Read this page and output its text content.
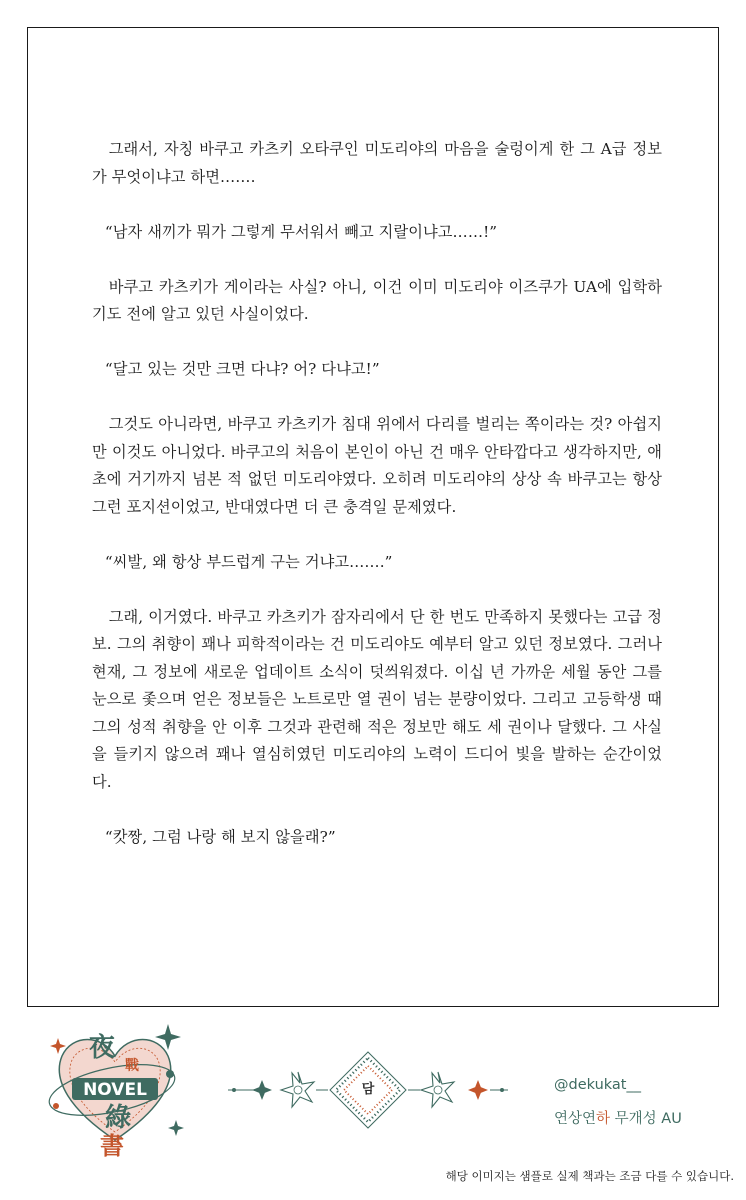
그래서, 자칭 바쿠고 카츠키 오타쿠인 미도리야의 마음을 술렁이게 한 그 A급 정보가 무엇이냐고 하면…….

“남자 새끼가 뭐가 그렇게 무서워서 빼고 지랄이냐고……!”

바쿠고 카츠키가 게이라는 사실? 아니, 이건 이미 미도리야 이즈쿠가 UA에 입학하기도 전에 알고 있던 사실이었다.

“달고 있는 것만 크면 다냐? 어? 다냐고!”

그것도 아니라면, 바쿠고 카츠키가 침대 위에서 다리를 벌리는 쪽이라는 것? 아쉽지만 이것도 아니었다. 바쿠고의 처음이 본인이 아닌 건 매우 안타깝다고 생각하지만, 애초에 거기까지 넘본 적 없던 미도리야였다. 오히려 미도리야의 상상 속 바쿠고는 항상 그런 포지션이었고, 반대였다면 더 큰 충격일 문제였다.

“씨발, 왜 항상 부드럽게 구는 거냐고…….”

그래, 이거였다. 바쿠고 카츠키가 잠자리에서 단 한 번도 만족하지 못했다는 고급 정보. 그의 취향이 꽤나 피학적이라는 건 미도리야도 예부터 알고 있던 정보였다. 그러나 현재, 그 정보에 새로운 업데이트 소식이 덧씌워졌다. 이십 년 가까운 세월 동안 그를 눈으로 좇으며 얻은 정보들은 노트로만 열 권이 넘는 분량이었다. 그리고 고등학생 때 그의 성적 취향을 안 이후 그것과 관련해 적은 정보만 해도 세 권이나 달했다. 그 사실을 들키지 않으려 꽤나 열심히였던 미도리야의 노력이 드디어 빛을 발하는 순간이었다.

“캇짱, 그럼 나랑 해 보지 않을래?”

NOVEL
夜
戰
綠
書
담	@dekukat__
연상연하 무개성 AU
해당 이미지는 샘플로 실제 책과는 조금 다를 수 있습니다.
